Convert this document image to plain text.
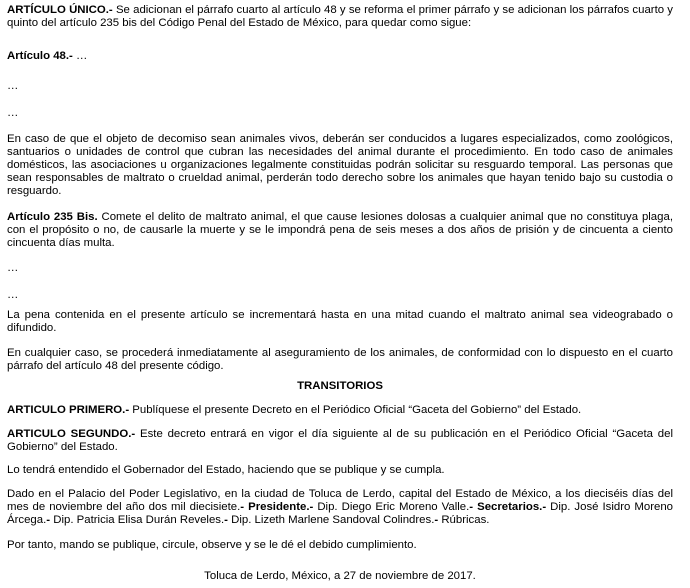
ARTÍCULO ÚNICO.- Se adicionan el párrafo cuarto al artículo 48 y se reforma el primer párrafo y se adicionan los párrafos cuarto y quinto del artículo 235 bis del Código Penal del Estado de México, para quedar como sigue:

Artículo 48.- …

…

…

En caso de que el objeto de decomiso sean animales vivos, deberán ser conducidos a lugares especializados, como zoológicos, santuarios o unidades de control que cubran las necesidades del animal durante el procedimiento. En todo caso de animales domésticos, las asociaciones u organizaciones legalmente constituidas podrán solicitar su resguardo temporal. Las personas que sean responsables de maltrato o crueldad animal, perderán todo derecho sobre los animales que hayan tenido bajo su custodia o resguardo.

Artículo 235 Bis. Comete el delito de maltrato animal, el que cause lesiones dolosas a cualquier animal que no constituya plaga, con el propósito o no, de causarle la muerte y se le impondrá pena de seis meses a dos años de prisión y de cincuenta a ciento cincuenta días multa.

…

…

La pena contenida en el presente artículo se incrementará hasta en una mitad cuando el maltrato animal sea videograbado o difundido.

En cualquier caso, se procederá inmediatamente al aseguramiento de los animales, de conformidad con lo dispuesto en el cuarto párrafo del artículo 48 del presente código.

TRANSITORIOS

ARTICULO PRIMERO.- Publíquese el presente Decreto en el Periódico Oficial “Gaceta del Gobierno” del Estado.

ARTICULO SEGUNDO.- Este decreto entrará en vigor el día siguiente al de su publicación en el Periódico Oficial “Gaceta del Gobierno” del Estado.

Lo tendrá entendido el Gobernador del Estado, haciendo que se publique y se cumpla.

Dado en el Palacio del Poder Legislativo, en la ciudad de Toluca de Lerdo, capital del Estado de México, a los dieciséis días del mes de noviembre del año dos mil diecisiete.- Presidente.- Dip. Diego Eric Moreno Valle.- Secretarios.- Dip. José Isidro Moreno Árcega.- Dip. Patricia Elisa Durán Reveles.- Dip. Lizeth Marlene Sandoval Colindres.- Rúbricas.

Por tanto, mando se publique, circule, observe y se le dé el debido cumplimiento.

Toluca de Lerdo, México, a 27 de noviembre de 2017.
